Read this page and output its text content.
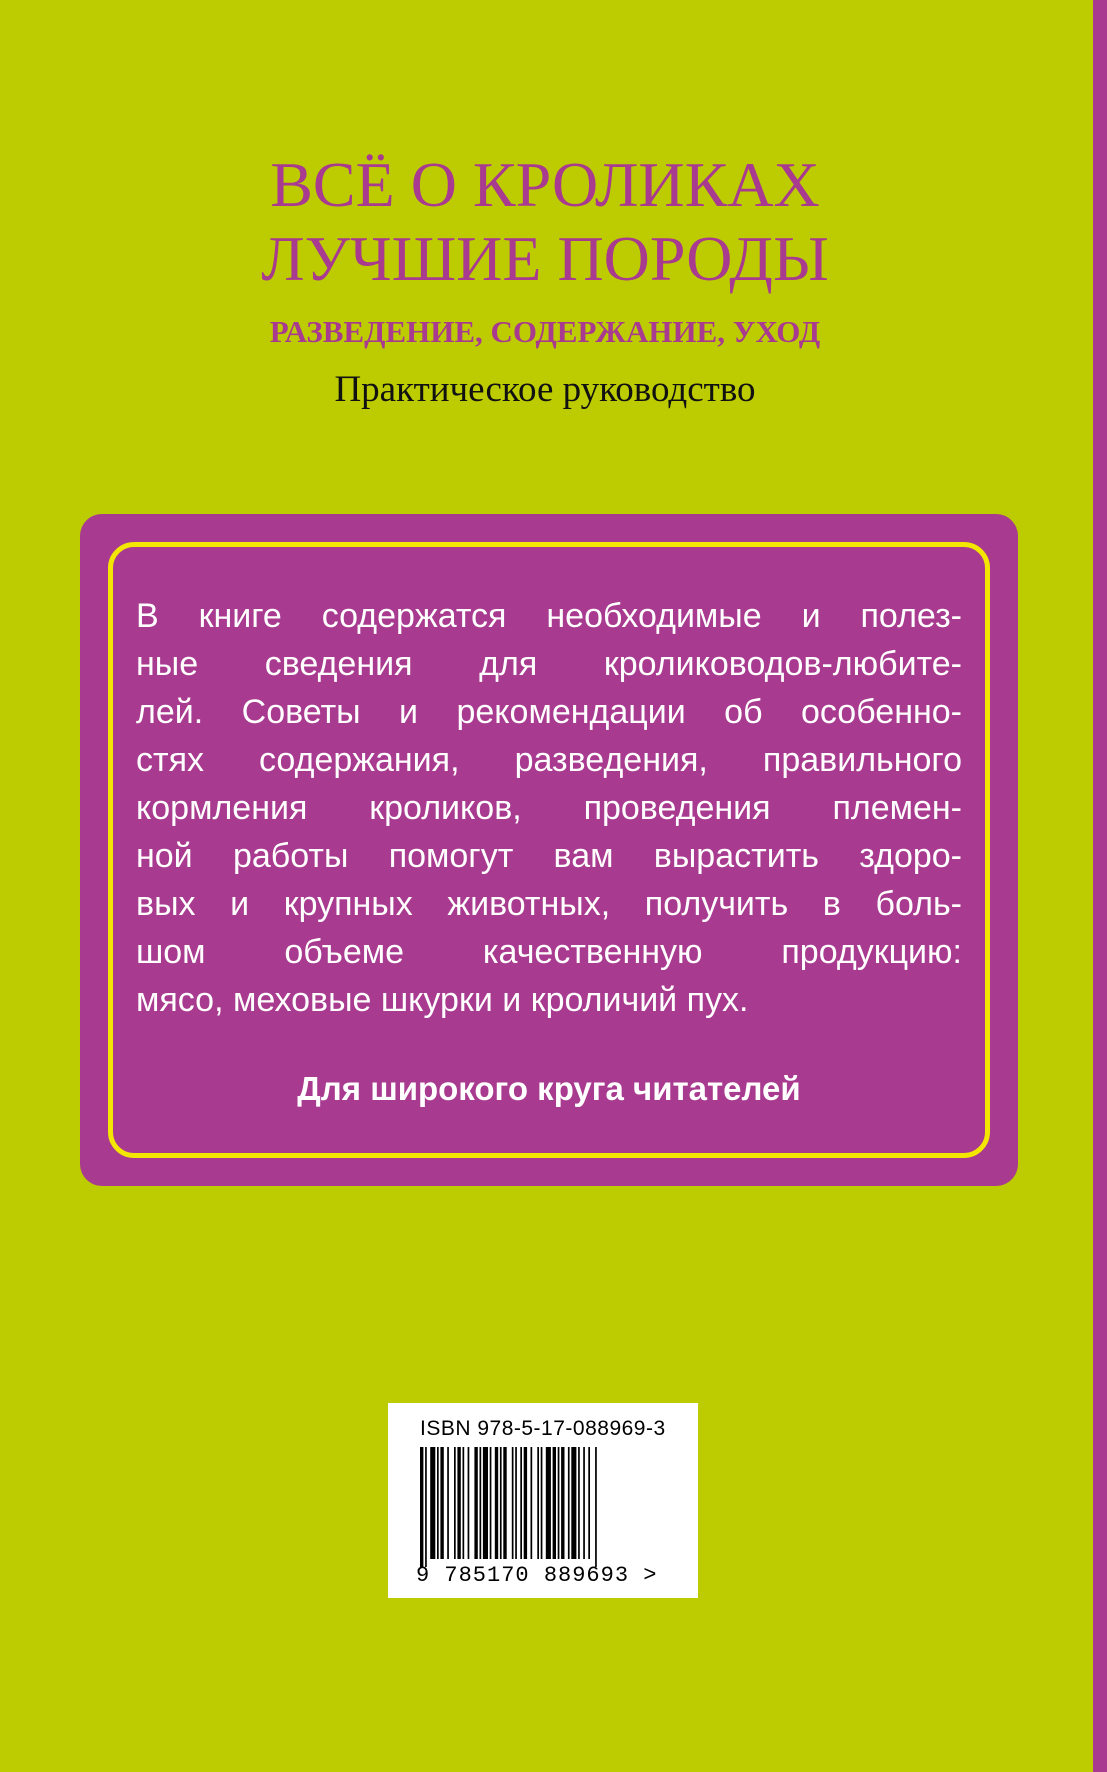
ВСЁ О КРОЛИКАХ
ЛУЧШИЕ ПОРОДЫ
РАЗВЕДЕНИЕ, СОДЕРЖАНИЕ, УХОД
Практическое руководство
В книге содержатся необходимые и полез-
ные сведения для кролиководов-любите-
лей. Советы и рекомендации об особенно-
стях содержания, разведения, правильного
кормления кроликов, проведения племен-
ной работы помогут вам вырастить здоро-
вых и крупных животных, получить в боль-
шом объеме качественную продукцию:
мясо, меховые шкурки и кроличий пух.
Для широкого круга читателей
ISBN 978-5-17-088969-3
9 785170 889693 >
